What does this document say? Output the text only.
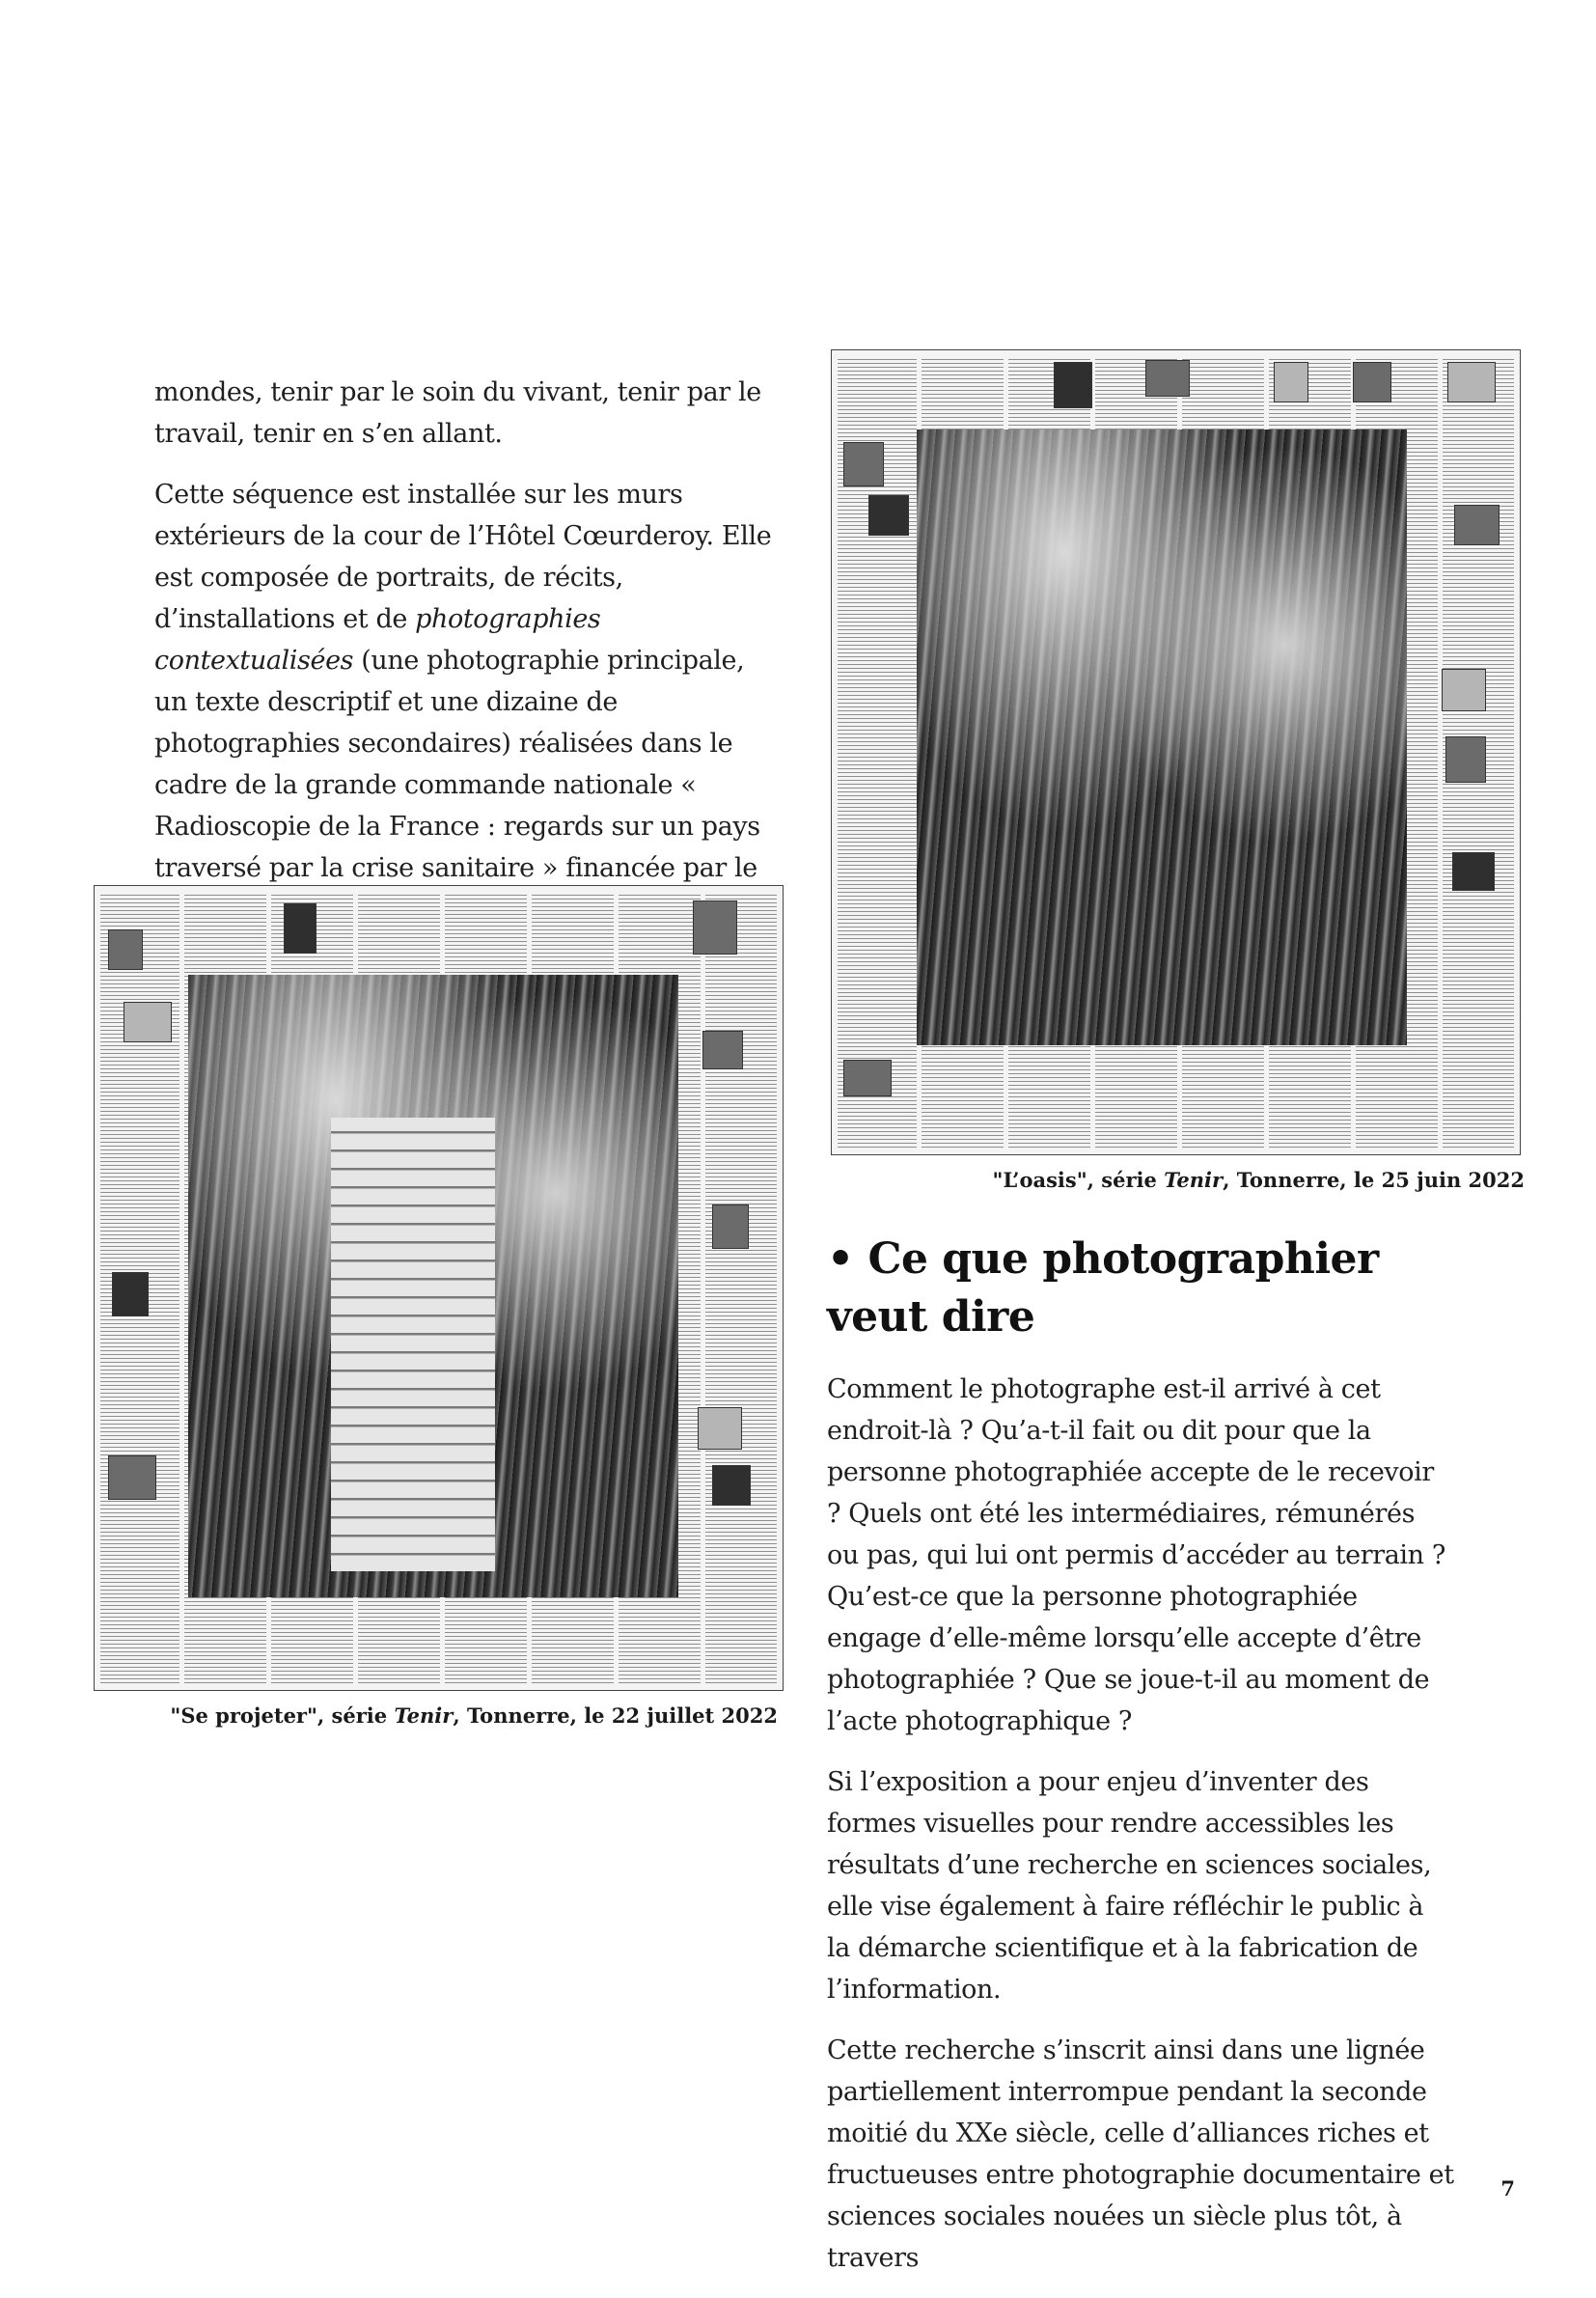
mondes, tenir par le soin du vivant, tenir par le travail, tenir en s’en allant.

Cette séquence est installée sur les murs extérieurs de la cour de l’Hôtel Cœurderoy. Elle est composée de portraits, de récits, d’installations et de photographies contextualisées (une photographie principale, un texte descriptif et une dizaine de photographies secondaires) réalisées dans le cadre de la grande commande nationale « Radioscopie de la France : regards sur un pays traversé par la crise sanitaire » financée par le

"L’oasis", série Tenir, Tonnerre, le 25 juin 2022
"Se projeter", série Tenir, Tonnerre, le 22 juillet 2022
• Ce que photographier veut dire

Comment le photographe est-il arrivé à cet endroit-là ? Qu’a-t-il fait ou dit pour que la personne photographiée accepte de le recevoir ? Quels ont été les intermédiaires, rémunérés ou pas, qui lui ont permis d’accéder au terrain ? Qu’est-ce que la personne photographiée engage d’elle-même lorsqu’elle accepte d’être photographiée ? Que se joue-t-il au moment de l’acte photographique ?

Si l’exposition a pour enjeu d’inventer des formes visuelles pour rendre accessibles les résultats d’une recherche en sciences sociales, elle vise également à faire réfléchir le public à la démarche scientifique et à la fabrication de l’information.

Cette recherche s’inscrit ainsi dans une lignée partiellement interrompue pendant la seconde moitié du XXe siècle, celle d’alliances riches et fructueuses entre photographie documentaire et sciences sociales nouées un siècle plus tôt, à travers

7
